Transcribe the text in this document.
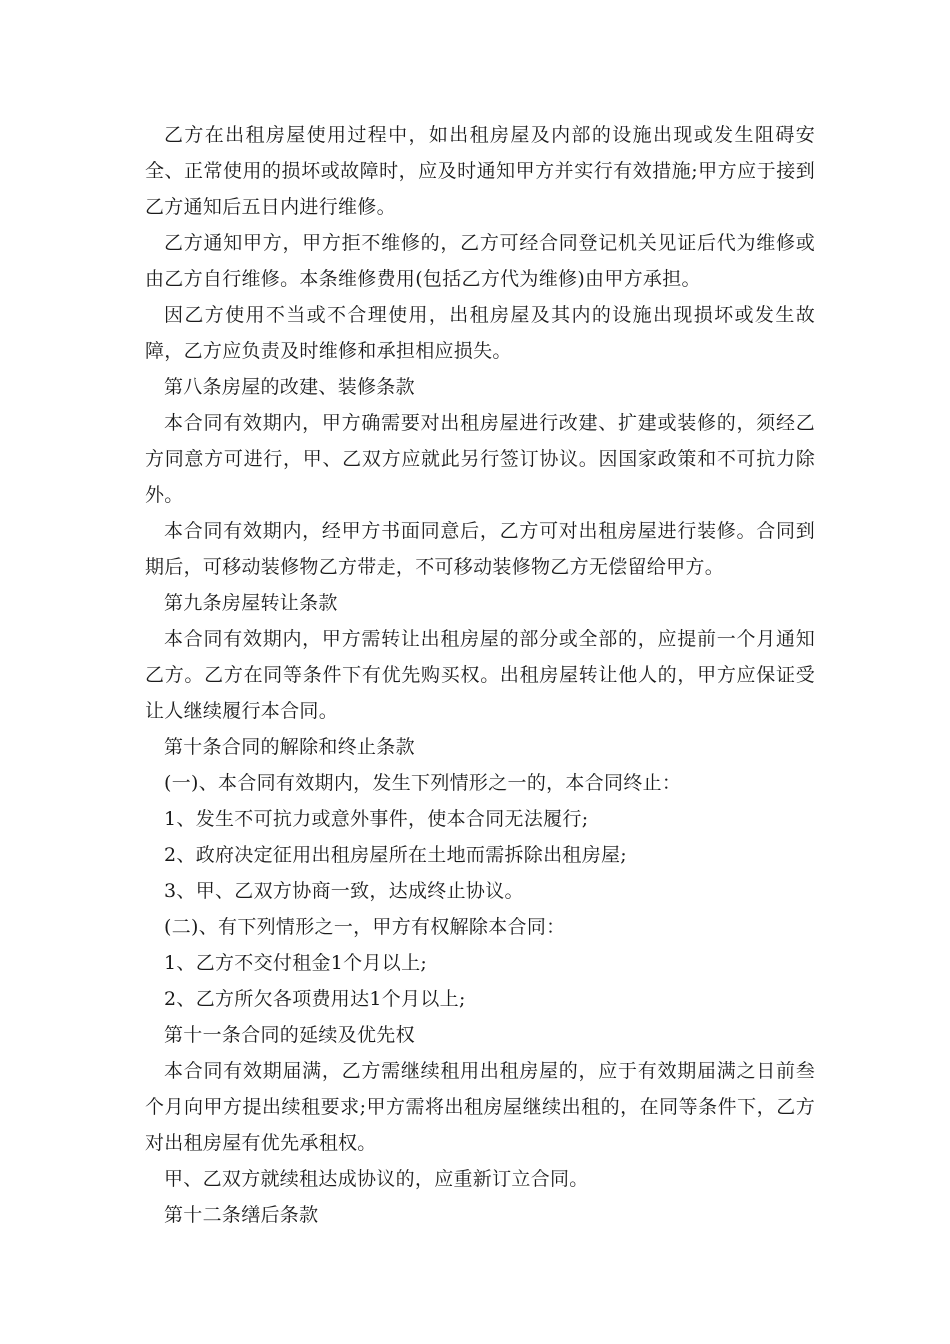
乙方在出租房屋使用过程中，如出租房屋及内部的设施出现或发生阻碍安全、正常使用的损坏或故障时，应及时通知甲方并实行有效措施;甲方应于接到乙方通知后五日内进行维修。

乙方通知甲方，甲方拒不维修的，乙方可经合同登记机关见证后代为维修或由乙方自行维修。本条维修费用(包括乙方代为维修)由甲方承担。

因乙方使用不当或不合理使用，出租房屋及其内的设施出现损坏或发生故障，乙方应负责及时维修和承担相应损失。

第八条房屋的改建、装修条款

本合同有效期内，甲方确需要对出租房屋进行改建、扩建或装修的，须经乙方同意方可进行，甲、乙双方应就此另行签订协议。因国家政策和不可抗力除外。

本合同有效期内，经甲方书面同意后，乙方可对出租房屋进行装修。合同到期后，可移动装修物乙方带走，不可移动装修物乙方无偿留给甲方。

第九条房屋转让条款

本合同有效期内，甲方需转让出租房屋的部分或全部的，应提前一个月通知乙方。乙方在同等条件下有优先购买权。出租房屋转让他人的，甲方应保证受让人继续履行本合同。

第十条合同的解除和终止条款

(一)、本合同有效期内，发生下列情形之一的，本合同终止：

1、发生不可抗力或意外事件，使本合同无法履行;

2、政府决定征用出租房屋所在土地而需拆除出租房屋;

3、甲、乙双方协商一致，达成终止协议。

(二)、有下列情形之一，甲方有权解除本合同：

1、乙方不交付租金1个月以上;

2、乙方所欠各项费用达1个月以上;

第十一条合同的延续及优先权

本合同有效期届满，乙方需继续租用出租房屋的，应于有效期届满之日前叁个月向甲方提出续租要求;甲方需将出租房屋继续出租的，在同等条件下，乙方对出租房屋有优先承租权。

甲、乙双方就续租达成协议的，应重新订立合同。

第十二条缮后条款
